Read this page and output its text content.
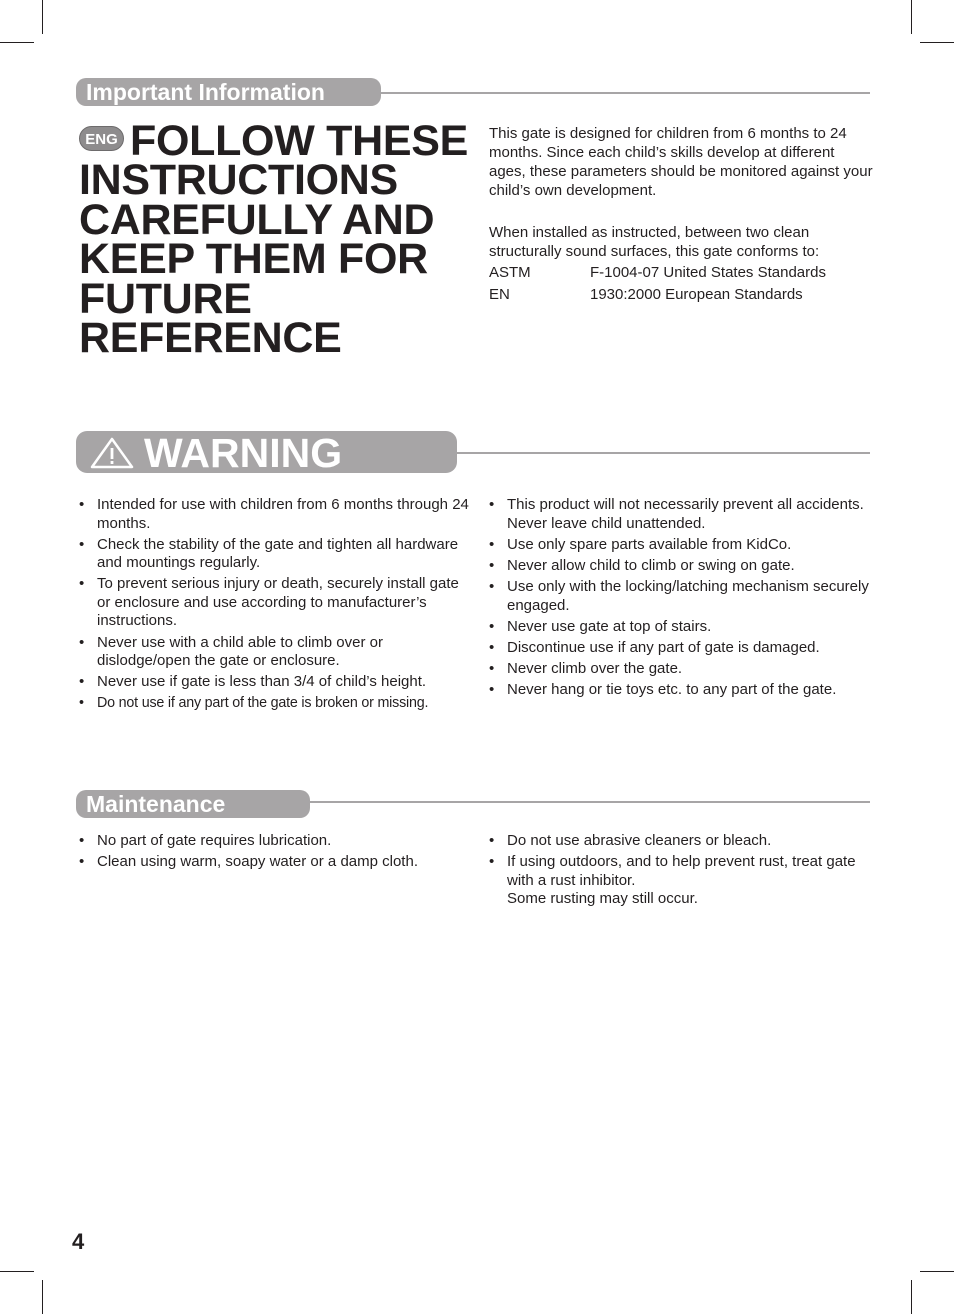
Important Information
FOLLOW THESE INSTRUCTIONS CAREFULLY AND KEEP THEM FOR FUTURE REFERENCE
ENG	This gate is designed for children from 6 months to 24 months. Since each child’s skills develop at different ages, these parameters should be monitored against your child’s own development.
When installed as instructed, between two clean structurally sound surfaces, this gate conforms to:
ASTM	F-1004-07 United States Standards
EN	1930:2000 European Standards
WARNING
• Intended for use with children from 6 months through 24 months.
• Check the stability of the gate and tighten all hardware and mountings regularly.
• To prevent serious injury or death, securely install gate or enclosure and use according to manufacturer’s instructions.
• Never use with a child able to climb over or dislodge/open the gate or enclosure.
• Never use if gate is less than 3/4 of child’s height.
• Do not use if any part of the gate is broken or missing.
• This product will not necessarily prevent all accidents. Never leave child unattended.
• Use only spare parts available from KidCo.
• Never allow child to climb or swing on gate.
• Use only with the locking/latching mechanism securely engaged.
• Never use gate at top of stairs.
• Discontinue use if any part of gate is damaged.
• Never climb over the gate.
• Never hang or tie toys etc. to any part of the gate.
Maintenance
• No part of gate requires lubrication.
• Clean using warm, soapy water or a damp cloth.
• Do not use abrasive cleaners or bleach.
• If using outdoors, and to help prevent rust, treat gate with a rust inhibitor.
Some rusting may still occur.
4
